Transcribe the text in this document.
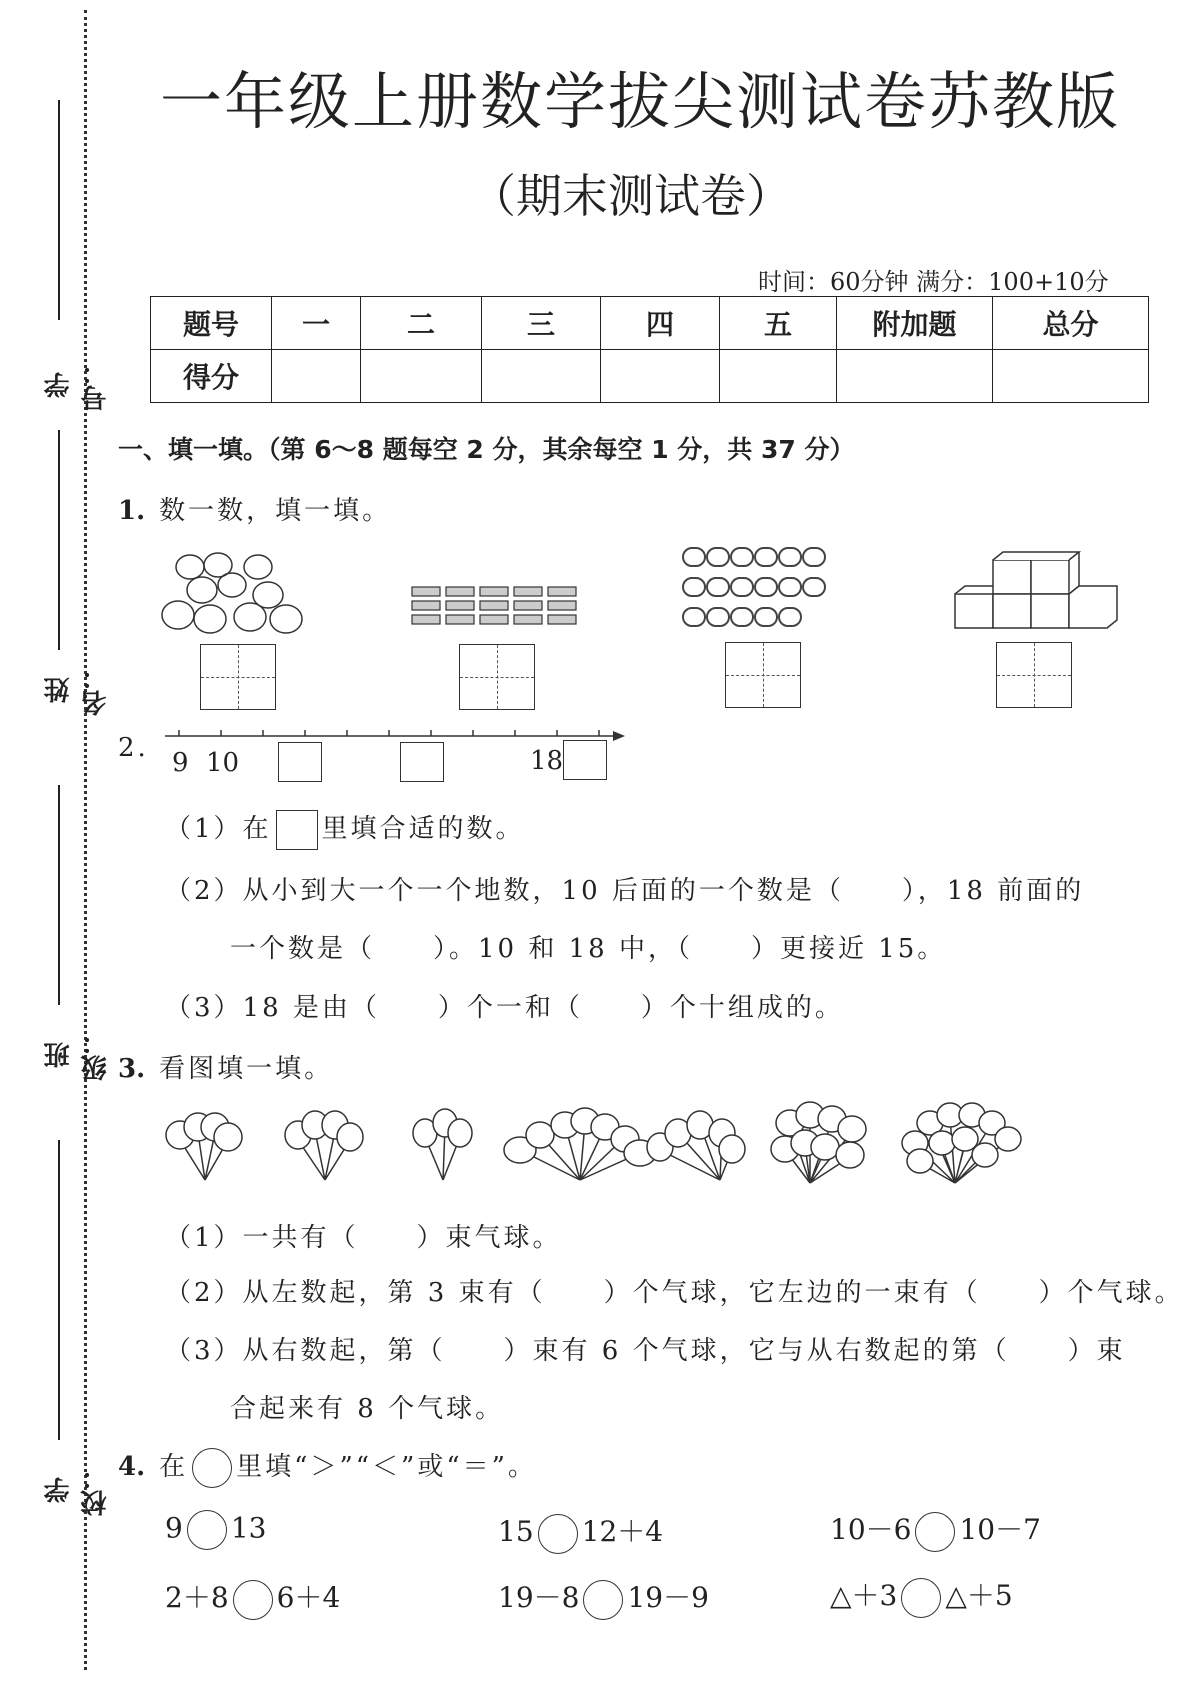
学号：
姓名：
班级：
学校：
一年级上册数学拔尖测试卷苏教版
（期末测试卷）
时间：60分钟 满分：100+10分
题号	一	二	三	四	五	附加题	总分
得分							
一、填一填。（第 6～8 题每空 2 分，其余每空 1 分，共 37 分）
1. 数一数，填一填。
2. 9 10	18
（1）在 里填合适的数。
（2）从小到大一个一个地数，10 后面的一个数是（　　），18 前面的
一个数是（　　）。10 和 18 中，（　　）更接近 15。
（3）18 是由（　　）个一和（　　）个十组成的。
3. 看图填一填。
（1）一共有（　　）束气球。
（2）从左数起，第 3 束有（　　）个气球，它左边的一束有（　　）个气球。
（3）从右数起，第（　　）束有 6 个气球，它与从右数起的第（　　）束
合起来有 8 个气球。
4. 在 里填“＞”“＜”或“＝”。
9 13	15 12＋4	10－6 10－7
2＋8 6＋4	19－8 19－9	△＋3 △＋5
